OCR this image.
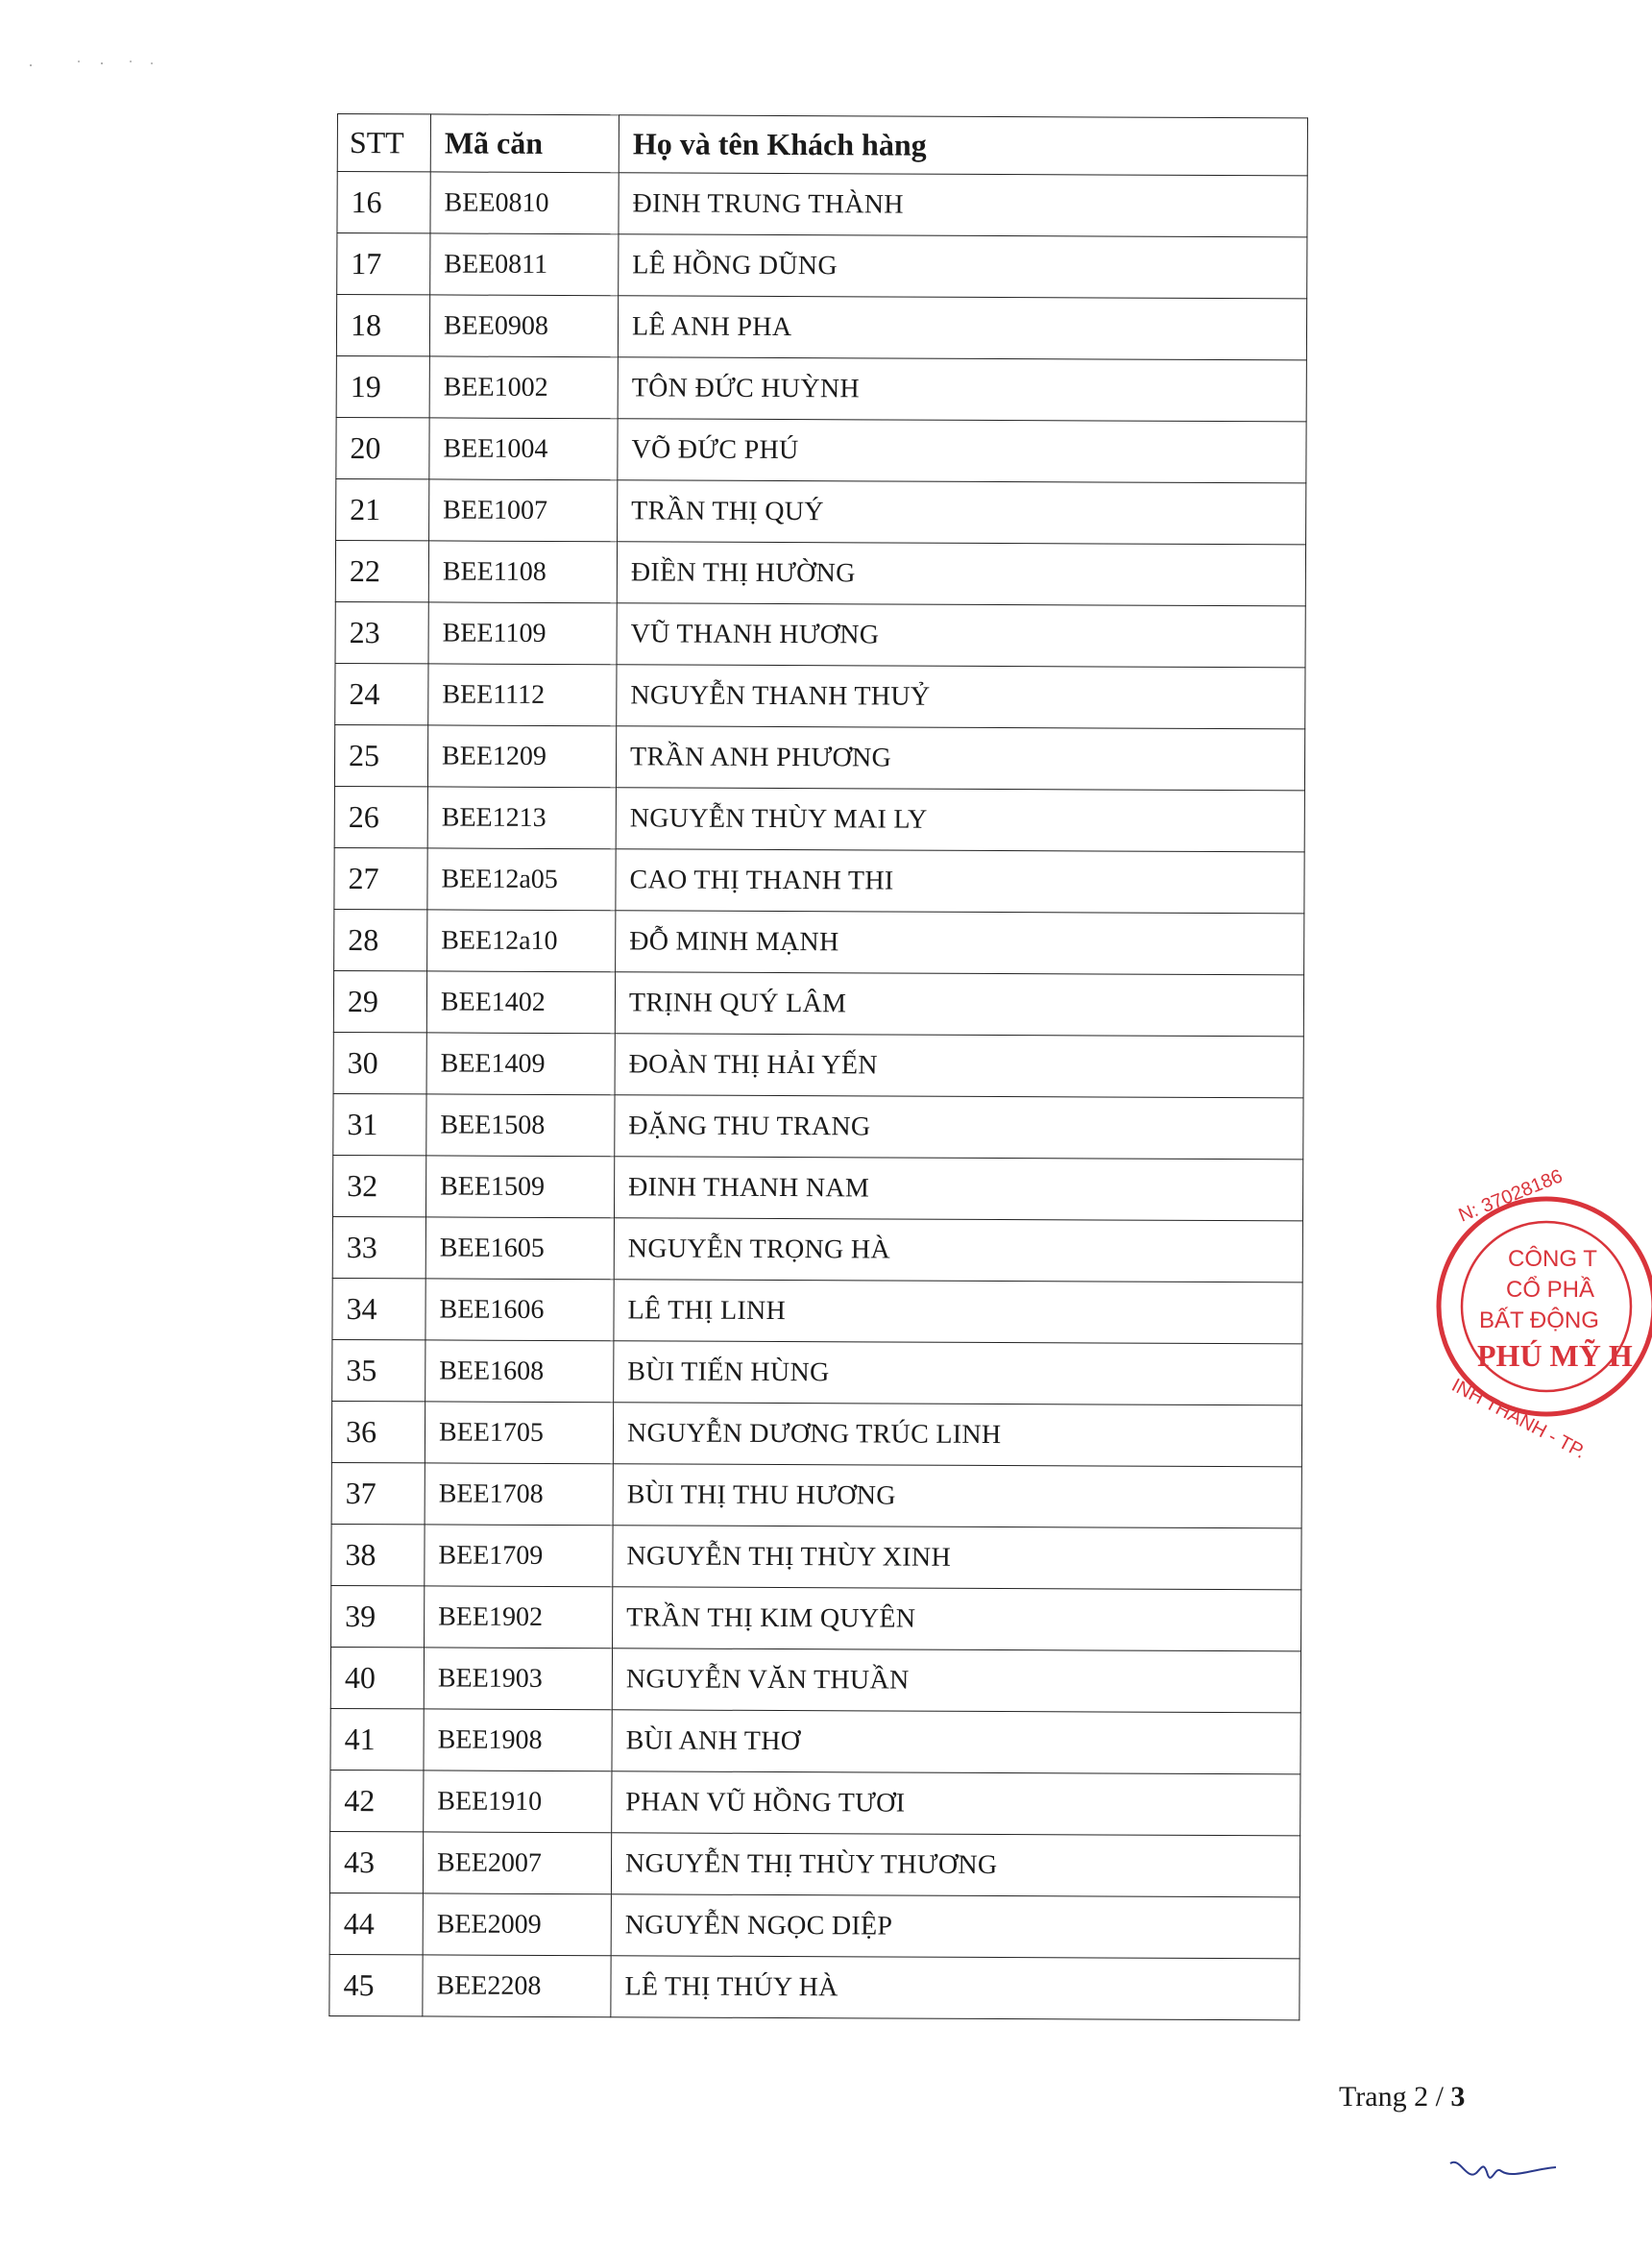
STT	Mã căn	Họ và tên Khách hàng
16	BEE0810	ĐINH TRUNG THÀNH
17	BEE0811	LÊ HỒNG DŨNG
18	BEE0908	LÊ ANH PHA
19	BEE1002	TÔN ĐỨC HUỲNH
20	BEE1004	VÕ ĐỨC PHÚ
21	BEE1007	TRẦN THỊ QUÝ
22	BEE1108	ĐIỀN THỊ HƯỜNG
23	BEE1109	VŨ THANH HƯƠNG
24	BEE1112	NGUYỄN THANH THUỶ
25	BEE1209	TRẦN ANH PHƯƠNG
26	BEE1213	NGUYỄN THÙY MAI LY
27	BEE12a05	CAO THỊ THANH THI
28	BEE12a10	ĐỖ MINH MẠNH
29	BEE1402	TRỊNH QUÝ LÂM
30	BEE1409	ĐOÀN THỊ HẢI YẾN
31	BEE1508	ĐẶNG THU TRANG
32	BEE1509	ĐINH THANH NAM
33	BEE1605	NGUYỄN TRỌNG HÀ
34	BEE1606	LÊ THỊ LINH
35	BEE1608	BÙI TIẾN HÙNG
36	BEE1705	NGUYỄN DƯƠNG TRÚC LINH
37	BEE1708	BÙI THỊ THU HƯƠNG
38	BEE1709	NGUYỄN THỊ THÙY XINH
39	BEE1902	TRẦN THỊ KIM QUYÊN
40	BEE1903	NGUYỄN VĂN THUẦN
41	BEE1908	BÙI ANH THƠ
42	BEE1910	PHAN VŨ HỒNG TƯƠI
43	BEE2007	NGUYỄN THỊ THÙY THƯƠNG
44	BEE2009	NGUYỄN NGỌC DIỆP
45	BEE2208	LÊ THỊ THÚY HÀ
N: 37028186
CÔNG T
CỔ PHẦ
BẤT ĐỘNG
PHÚ MỸ H
INH THANH - TP.
Trang 2 / 3
